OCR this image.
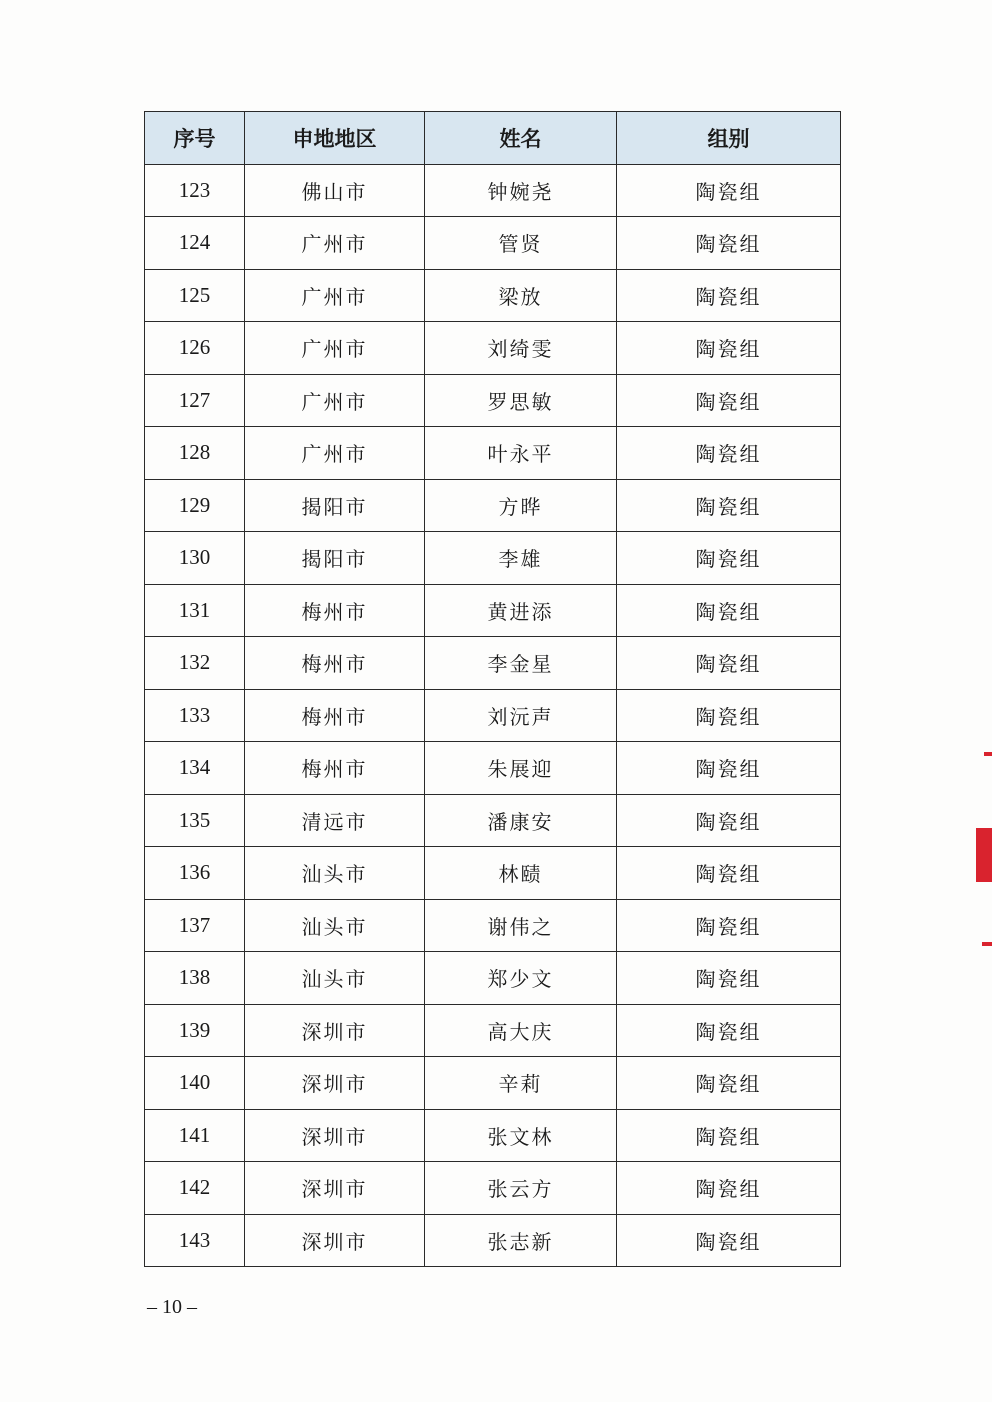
序号	申地地区	姓名	组别
123	佛山市	钟婉尧	陶瓷组
124	广州市	管贤	陶瓷组
125	广州市	梁放	陶瓷组
126	广州市	刘绮雯	陶瓷组
127	广州市	罗思敏	陶瓷组
128	广州市	叶永平	陶瓷组
129	揭阳市	方晔	陶瓷组
130	揭阳市	李雄	陶瓷组
131	梅州市	黄进添	陶瓷组
132	梅州市	李金星	陶瓷组
133	梅州市	刘沅声	陶瓷组
134	梅州市	朱展迎	陶瓷组
135	清远市	潘康安	陶瓷组
136	汕头市	林赜	陶瓷组
137	汕头市	谢伟之	陶瓷组
138	汕头市	郑少文	陶瓷组
139	深圳市	高大庆	陶瓷组
140	深圳市	辛莉	陶瓷组
141	深圳市	张文林	陶瓷组
142	深圳市	张云方	陶瓷组
143	深圳市	张志新	陶瓷组
– 10 –
